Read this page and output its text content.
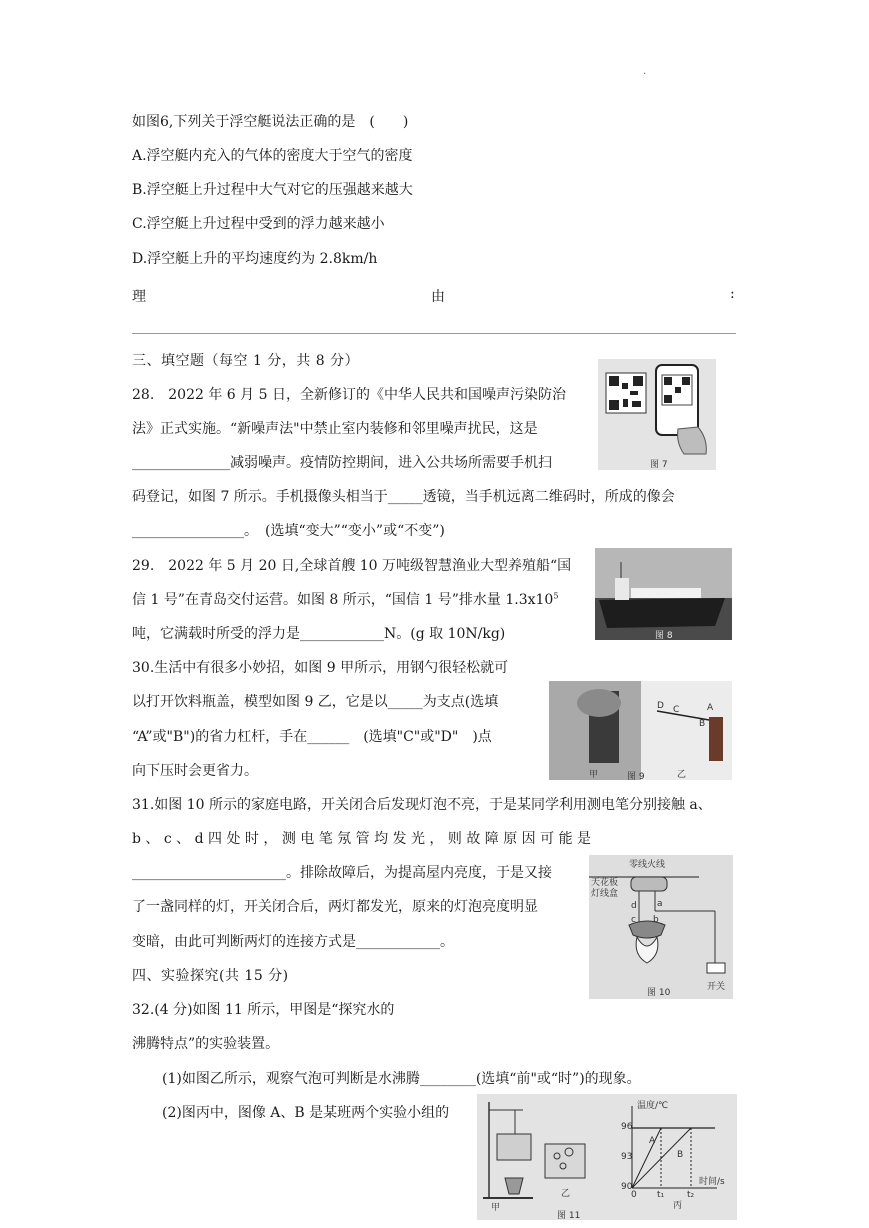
.
如图6,下列关于浮空艇说法正确的是　(　　)
A.浮空艇内充入的气体的密度大于空气的密度
B.浮空艇上升过程中大气对它的压强越来越大
C.浮空艇上升过程中受到的浮力越来越小
D.浮空艇上升的平均速度约为 2.8km/h
理	由	:
三、填空题（每空 1 分，共 8 分）
28.　2022 年 6 月 5 日，全新修订的《中华人民共和国噪声污染防治
法》正式实施。“新噪声法"中禁止室内装修和邻里噪声扰民，这是
______________减弱噪声。疫情防控期间，进入公共场所需要手机扫
码登记，如图 7 所示。手机摄像头相当于_____透镜，当手机远离二维码时，所成的像会
________________。　(选填“变大”“变小”或“不变”)
图 7
29.　2022 年 5 月 20 日,全球首艘 10 万吨级智慧渔业大型养殖船“国
信 1 号”在青岛交付运营。如图 8 所示，“国信 1 号”排水量 $1.3x10^5$
吨，它满载时所受的浮力是____________N。(g 取 10N/kg)	图 8
30.生活中有很多小妙招，如图 9 甲所示，用钢勺很轻松就可
以打开饮料瓶盖，模型如图 9 乙，它是以_____为支点(选填
“A”或"B")的省力杠杆，手在______　(选填"C"或"D"　)点
向下压时会更省力。
D C	A
B
甲	乙
图 9
31.如图 10 所示的家庭电路，开关闭合后发现灯泡不亮，于是某同学利用测电笔分别接触 a、
b 、 c 、 d 四 处 时 ， 测 电 笔 氖 管 均 发 光 ， 则 故 障 原 因 可 能 是
______________________。排除故障后，为提高屋内亮度，于是又接
了一盏同样的灯，开关闭合后，两灯都发光，原来的灯泡亮度明显
变暗，由此可判断两灯的连接方式是____________。
零线火线
天花板
灯线盒
d a
c b
开关
图 10
四、实验探究(共 15 分)
32.(4 分)如图 11 所示，甲图是“探究水的
沸腾特点”的实验装置。
(1)如图乙所示，观察气泡可判断是水沸腾________(选填“前"或“时”)的现象。
(2)图丙中，图像 A、B 是某班两个实验小组的	温度/℃
时间/s
96
93
90
0 t₁	t₂
A
B
甲
乙
丙
图 11
